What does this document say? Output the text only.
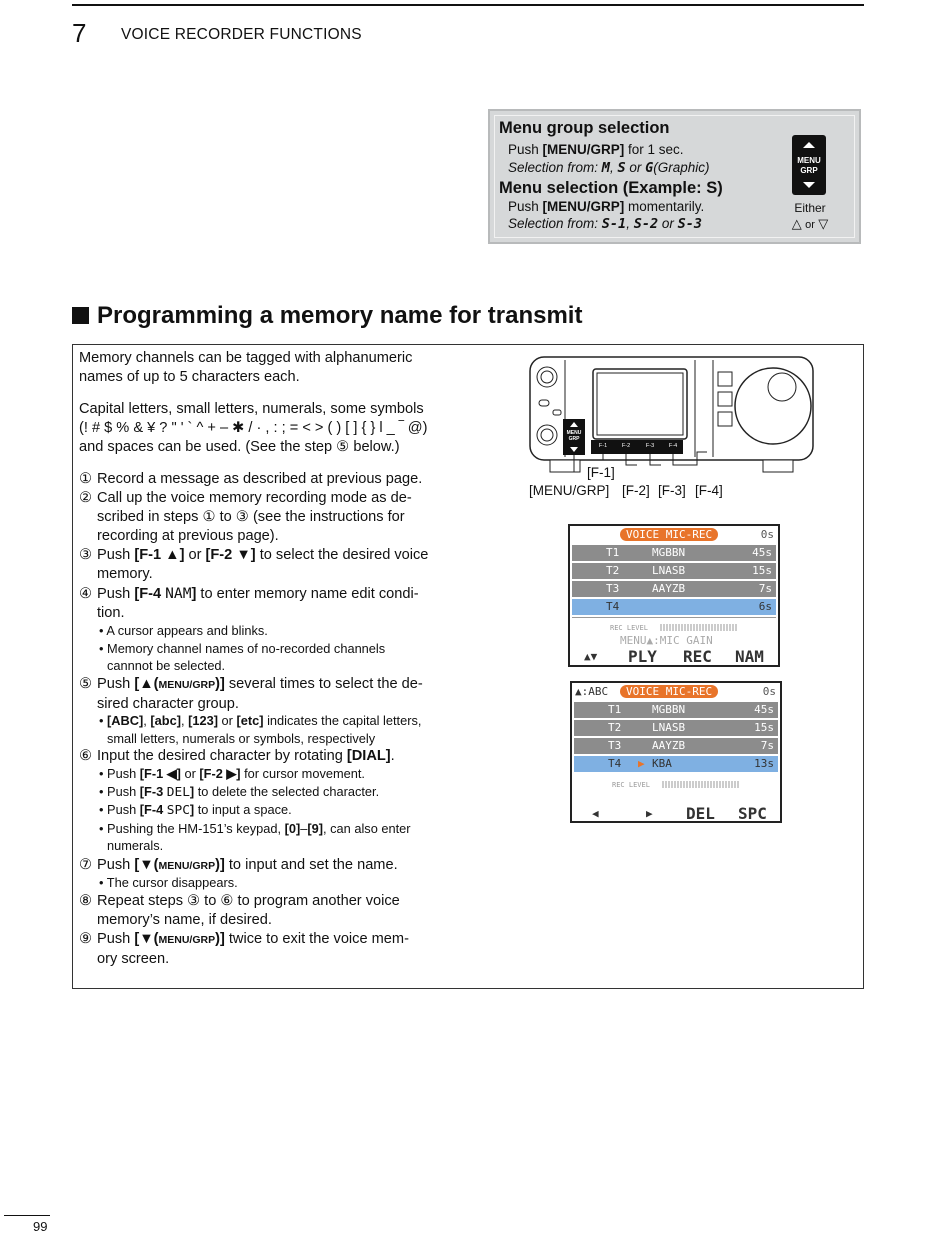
7 VOICE RECORDER FUNCTIONS
Menu group selection
Push [MENU/GRP] for 1 sec.
Selection from: M, S or G(Graphic)
Menu selection (Example: S)
Push [MENU/GRP] momentarily.
Selection from: S-1, S-2 or S-3
MENU
GRP
Either
△ or ▽
Programming a memory name for transmit
Memory channels can be tagged with alphanumeric
names of up to 5 characters each.
Capital letters, small letters, numerals, some symbols
(! # $ % & ¥ ? " ' ` ^ + – ✱ / · , : ; = < > ( ) [ ] { } l _ ‾ @)
and spaces can be used. (See the step ⑤ below.)
① Record a message as described at previous page.
② Call up the voice memory recording mode as de-
scribed in steps ① to ③ (see the instructions for
recording at previous page).
③ Push [F-1 ▲] or [F-2 ▼] to select the desired voice
memory.
④ Push [F-4 NAM] to enter memory name edit condi-
tion.
• A cursor appears and blinks.
• Memory channel names of no-recorded channels
cannnot be selected.
⑤ Push [▲(MENU/GRP)] several times to select the de-
sired character group.
• [ABC], [abc], [123] or [etc] indicates the capital letters,
small letters, numerals or symbols, respectively
⑥ Input the desired character by rotating [DIAL].
• Push [F-1 ◀] or [F-2 ▶] for cursor movement.
• Push [F-3 DEL] to delete the selected character.
• Push [F-4 SPC] to input a space.
• Pushing the HM-151’s keypad, [0]–[9], can also enter
numerals.
⑦ Push [▼(MENU/GRP)] to input and set the name.
• The cursor disappears.
⑧ Repeat steps ③ to ⑥ to program another voice
memory’s name, if desired.
⑨ Push [▼(MENU/GRP)] twice to exit the voice mem-
ory screen.
MENU
GRP
F-1	F-2	F-3	F-4
[F-1]
[MENU/GRP] [F-2] [F-3] [F-4]
VOICE MIC-REC	0s
T1	MGBBN	45s
T2	LNASB	15s
T3	AAYZB	7s
T4	6s
REC LEVEL
MENU▲:MIC GAIN
▲▼ PLY REC NAM
▲:ABC	VOICE MIC-REC	0s
T1	MGBBN	45s
T2	LNASB	15s
T3	AAYZB	7s
T4 ▶ KBA	13s
REC LEVEL
◀	▶ DEL SPC
99
